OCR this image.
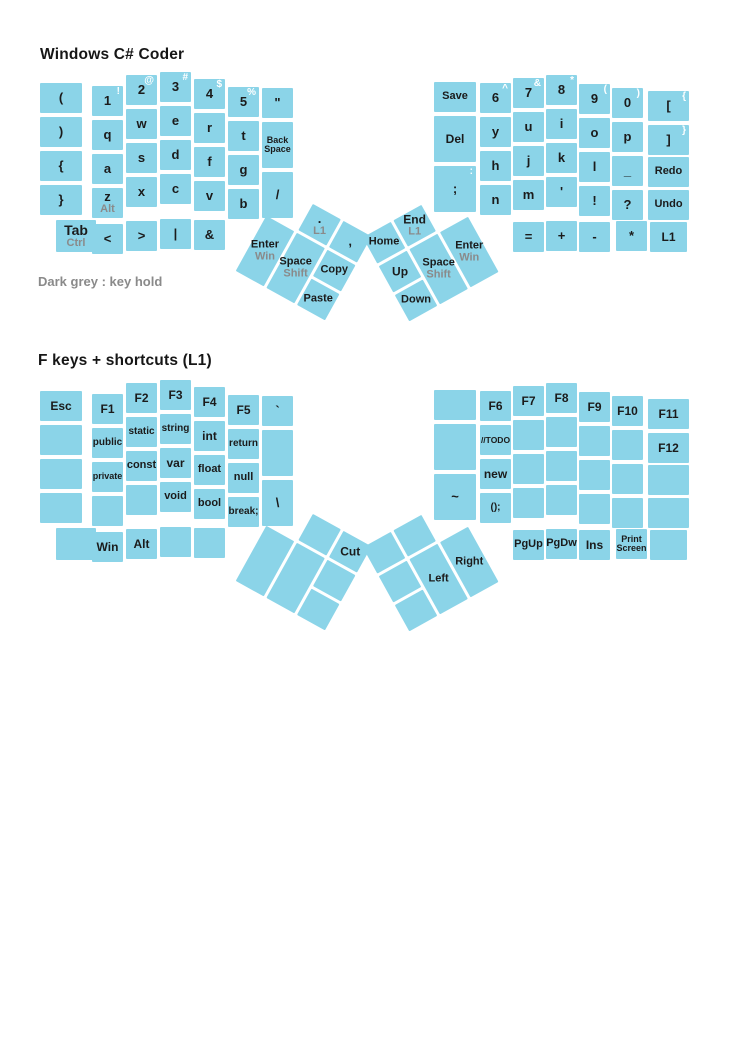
Windows C# Coder
Dark grey : key hold
F keys + shortcuts (L1)
(	1
! 2
@ 3
#
4
$
5
%
"
)	q
w e r
t	Back Space
{	a
s d f
g
/
}	z
Alt
x c v
b
Tab
Ctrl < > | &
Save 6
^ 7
& 8
*
9
(
0
)
[
{
Del y u i
o p	]
}
;
: h j k
l _ Redo
n m '
! ? Undo
= + - * L1
.
L1
,
Enter
Win Space
Shift Copy
Paste
Home
End
L1
Up
Down
Space
Shift
Enter
Win
Esc F1
F2 F3 F4
F5 `
public
static string
int
return
private
const var float
null
\
void
bool
break;
Win Alt
F6 F7 F8
F9 F10 F11
//TODO
F12
~
new
();
PgUp PgDw Ins	Print Screen
Cut
Left
Right
